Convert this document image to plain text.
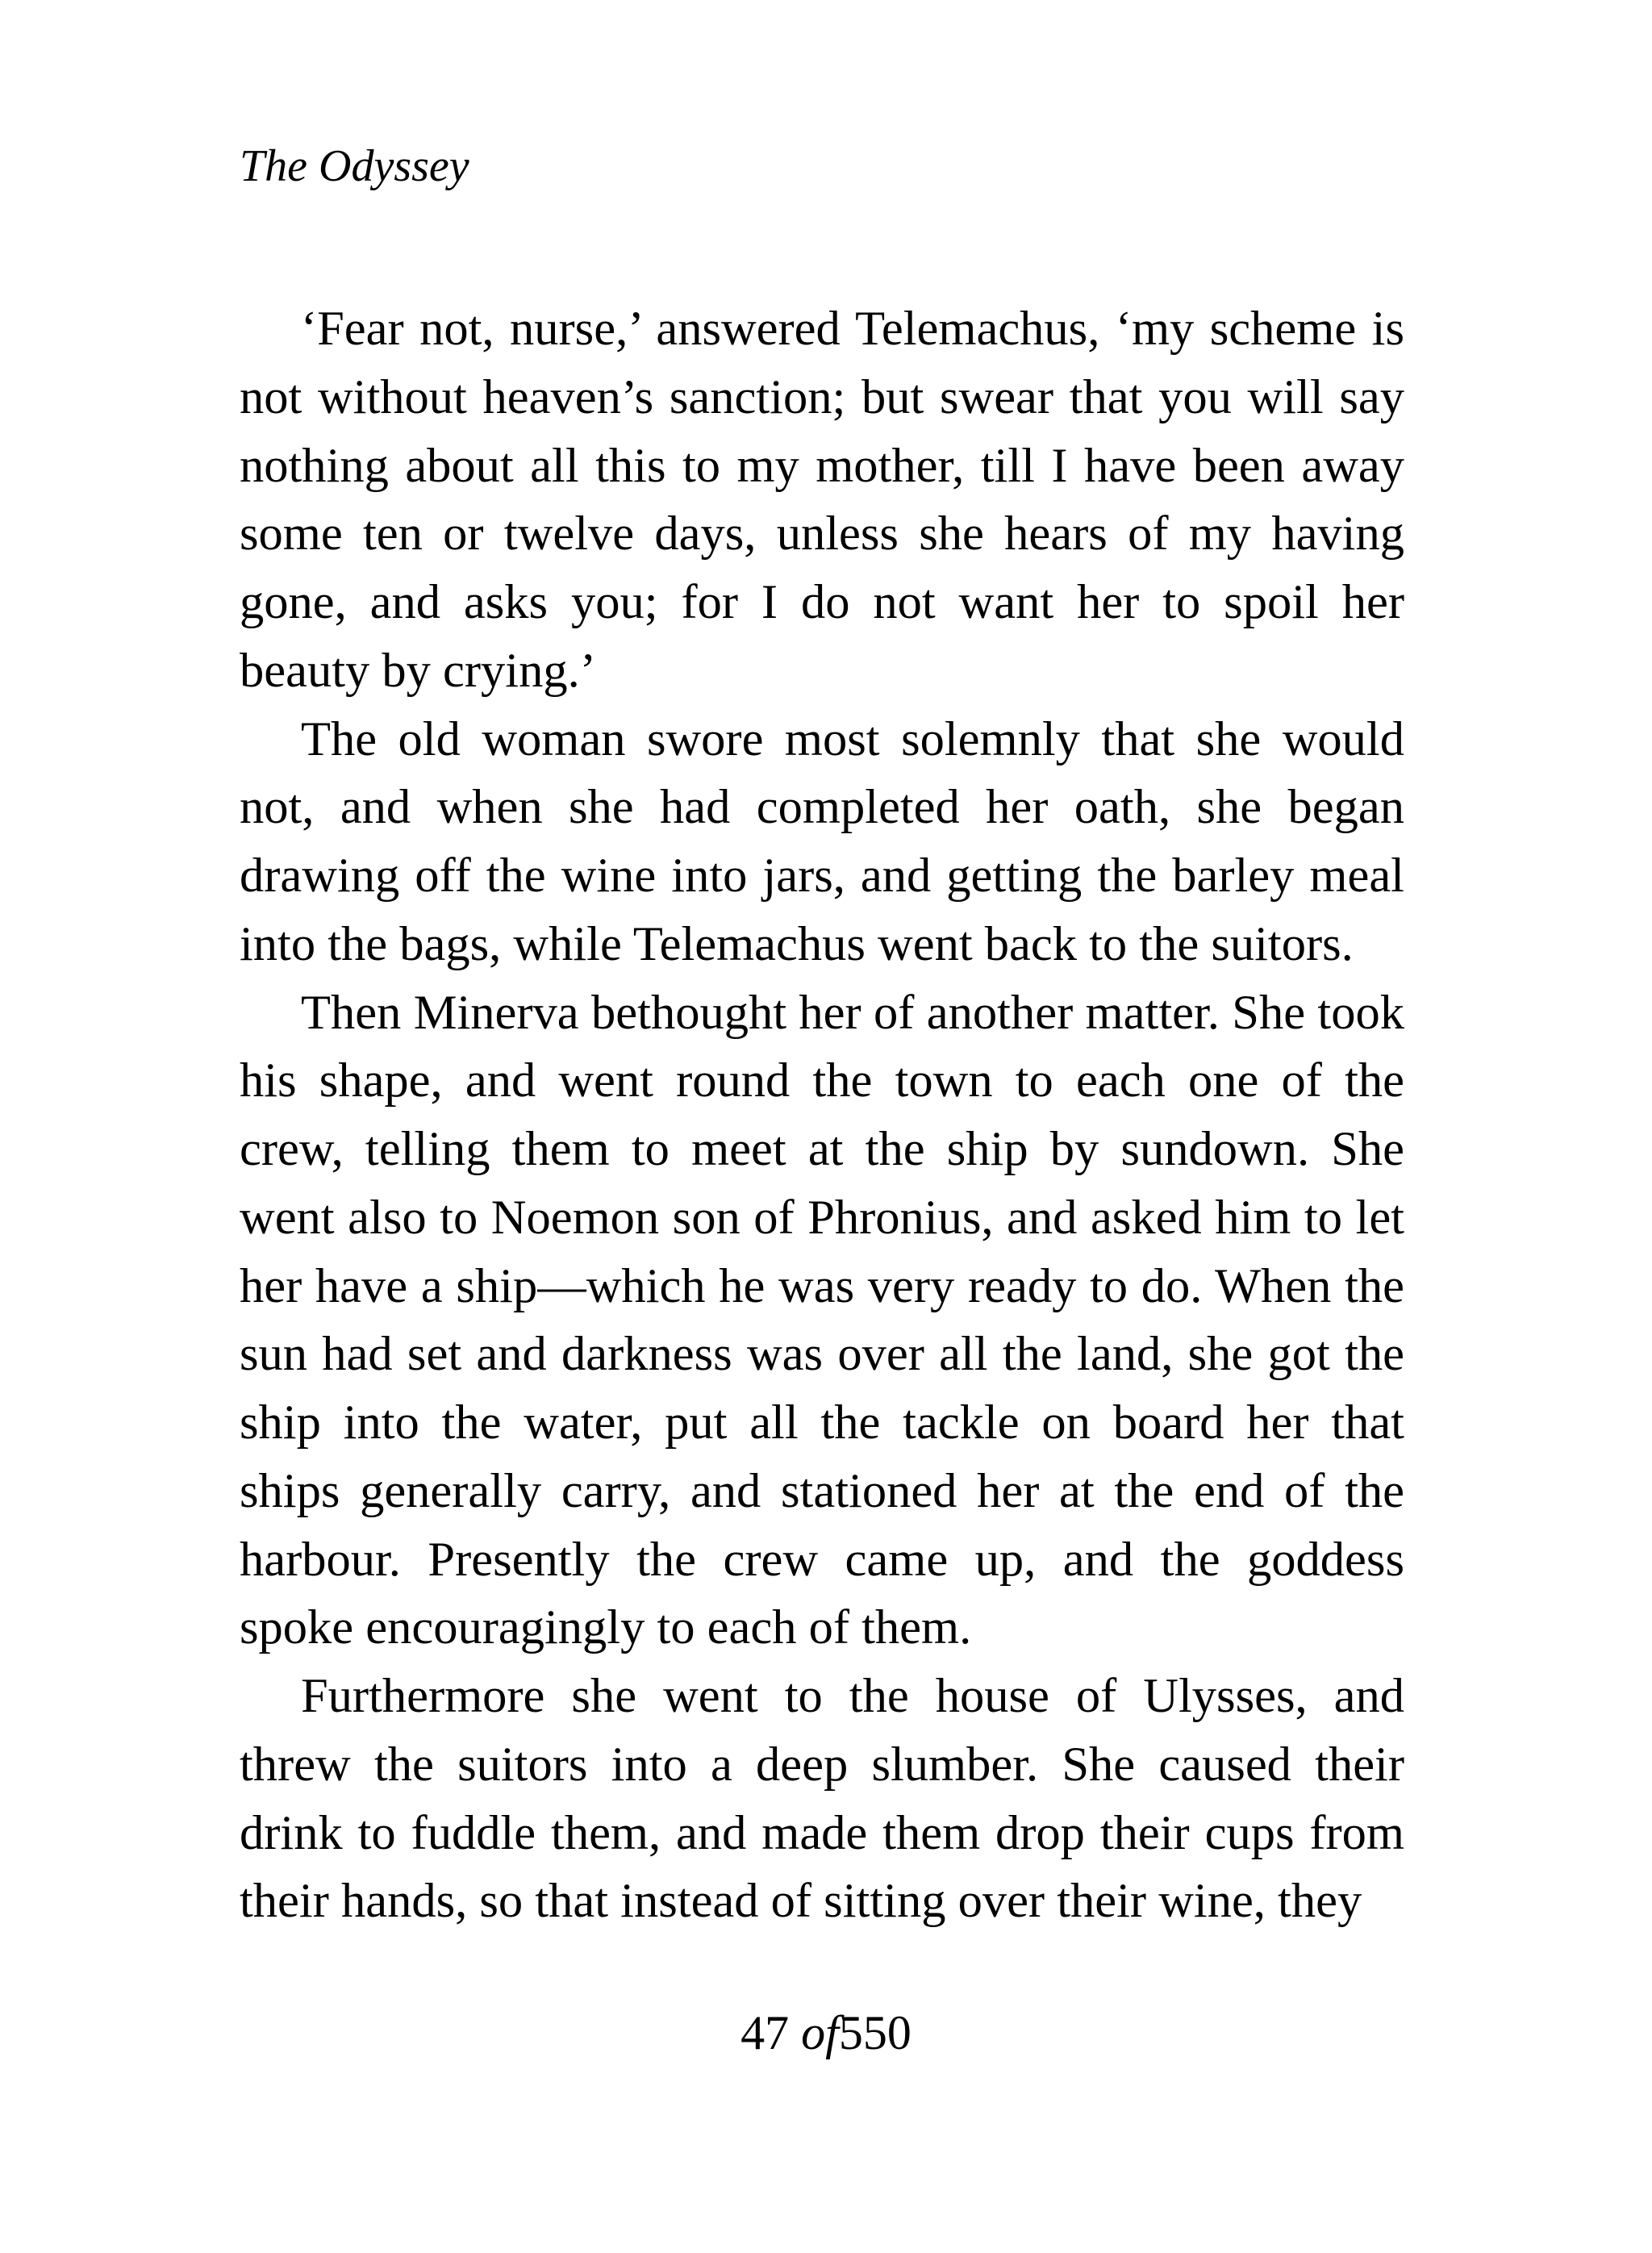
The Odyssey

‘Fear not, nurse,’ answered Telemachus, ‘my scheme is not without heaven’s sanction; but swear that you will say nothing about all this to my mother, till I have been away some ten or twelve days, unless she hears of my having gone, and asks you; for I do not want her to spoil her beauty by crying.’

The old woman swore most solemnly that she would not, and when she had completed her oath, she began drawing off the wine into jars, and getting the barley meal into the bags, while Telemachus went back to the suitors.

Then Minerva bethought her of another matter. She took his shape, and went round the town to each one of the crew, telling them to meet at the ship by sundown. She went also to Noemon son of Phronius, and asked him to let her have a ship—which he was very ready to do. When the sun had set and darkness was over all the land, she got the ship into the water, put all the tackle on board her that ships generally carry, and stationed her at the end of the harbour. Presently the crew came up, and the goddess spoke encouragingly to each of them.

Furthermore she went to the house of Ulysses, and threw the suitors into a deep slumber. She caused their drink to fuddle them, and made them drop their cups from their hands, so that instead of sitting over their wine, they

47 of550
